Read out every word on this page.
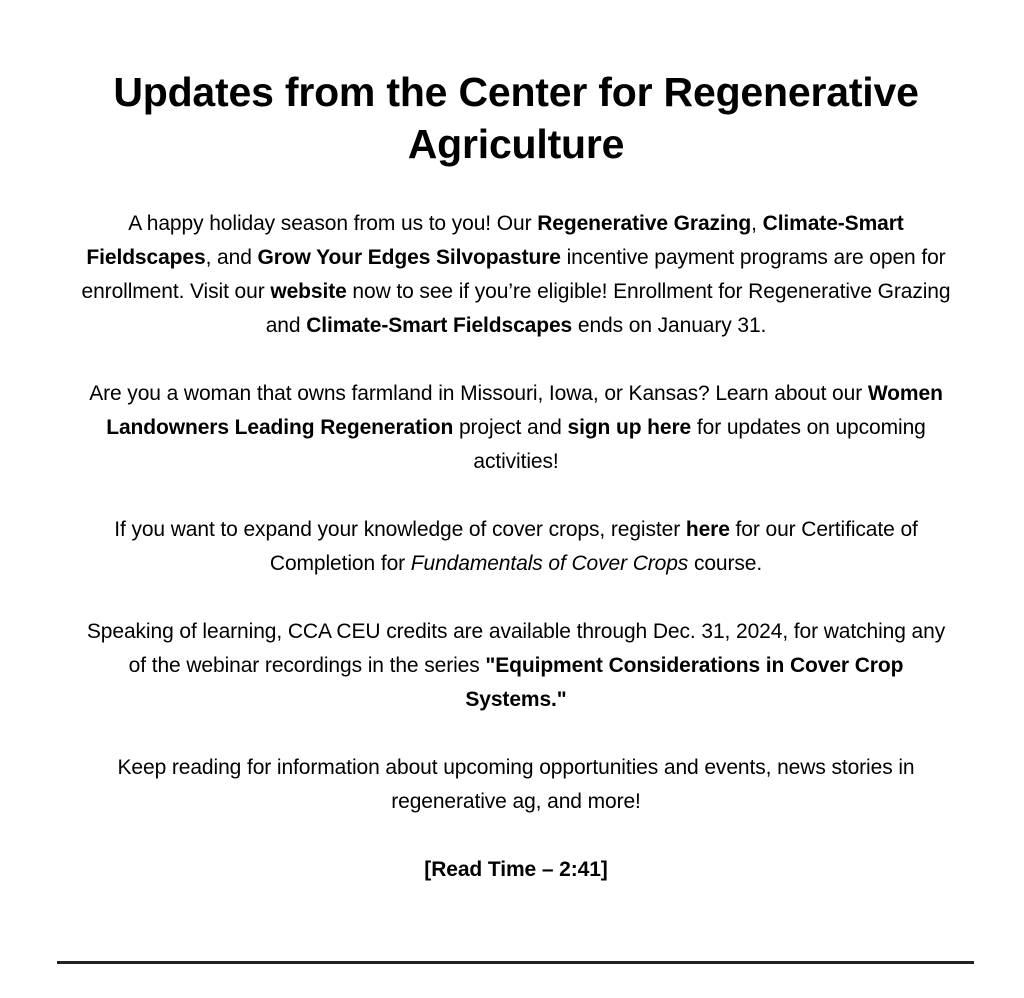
Updates from the Center for Regenerative Agriculture

A happy holiday season from us to you! Our Regenerative Grazing, Climate-Smart Fieldscapes, and Grow Your Edges Silvopasture incentive payment programs are open for enrollment. Visit our website now to see if you’re eligible! Enrollment for Regenerative Grazing and Climate-Smart Fieldscapes ends on January 31.

Are you a woman that owns farmland in Missouri, Iowa, or Kansas? Learn about our Women Landowners Leading Regeneration project and sign up here for updates on upcoming activities!

If you want to expand your knowledge of cover crops, register here for our Certificate of Completion for Fundamentals of Cover Crops course.

Speaking of learning, CCA CEU credits are available through Dec. 31, 2024, for watching any of the webinar recordings in the series "Equipment Considerations in Cover Crop Systems."

Keep reading for information about upcoming opportunities and events, news stories in regenerative ag, and more!

[Read Time – 2:41]
